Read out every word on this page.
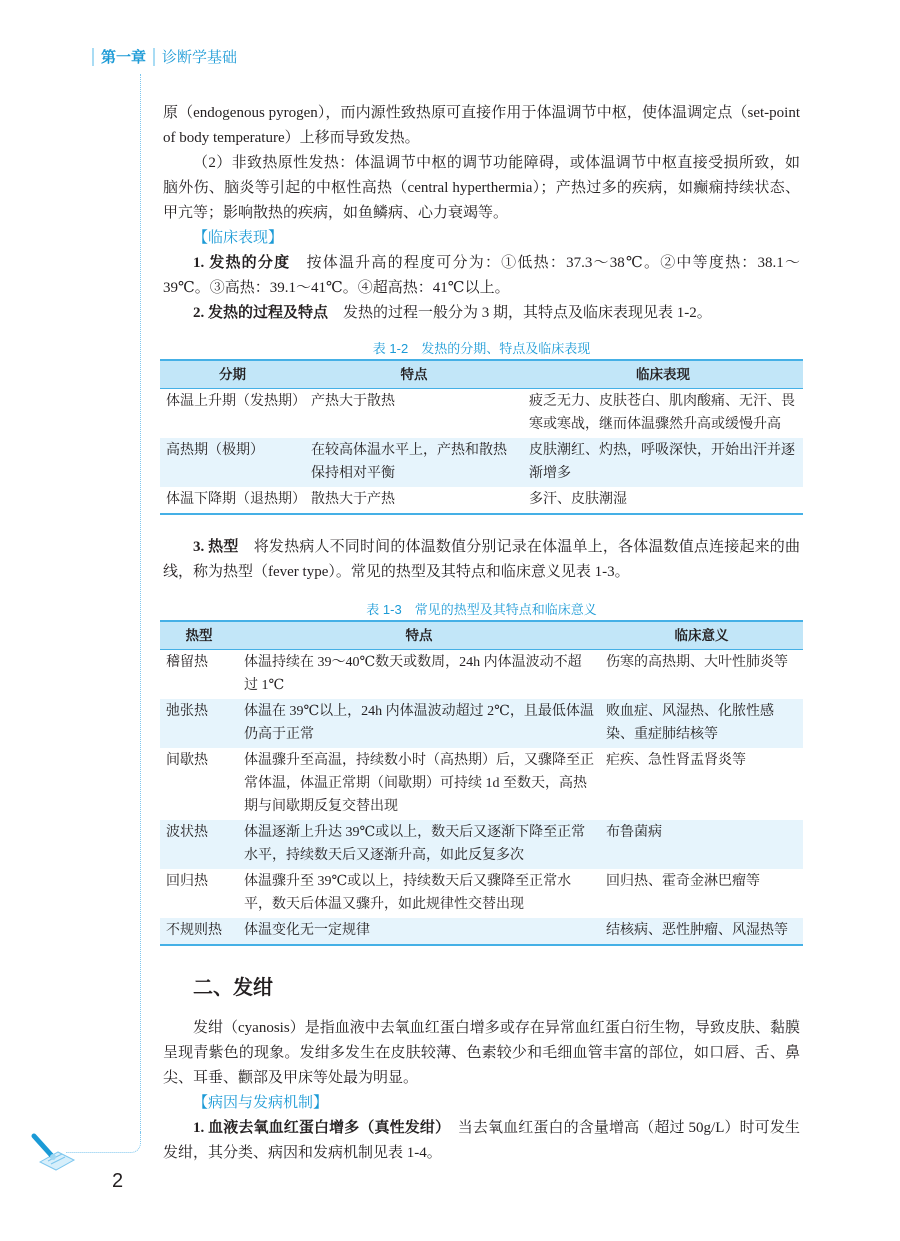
第一章 诊断学基础
2

原（endogenous pyrogen），而内源性致热原可直接作用于体温调节中枢，使体温调定点（set-point of body temperature）上移而导致发热。

（2）非致热原性发热：体温调节中枢的调节功能障碍，或体温调节中枢直接受损所致，如脑外伤、脑炎等引起的中枢性高热（central hyperthermia）；产热过多的疾病，如癫痫持续状态、甲亢等；影响散热的疾病，如鱼鳞病、心力衰竭等。

【临床表现】

1. 发热的分度　按体温升高的程度可分为：①低热：37.3～38℃。②中等度热：38.1～39℃。③高热：39.1～41℃。④超高热：41℃以上。

2. 发热的过程及特点　发热的过程一般分为 3 期，其特点及临床表现见表 1-2。

表 1-2　发热的分期、特点及临床表现

分期	特点	临床表现
体温上升期（发热期）	产热大于散热	疲乏无力、皮肤苍白、肌肉酸痛、无汗、畏寒或寒战，继而体温骤然升高或缓慢升高
高热期（极期）	在较高体温水平上，产热和散热保持相对平衡	皮肤潮红、灼热，呼吸深快，开始出汗并逐渐增多
体温下降期（退热期）	散热大于产热	多汗、皮肤潮湿

3. 热型　将发热病人不同时间的体温数值分别记录在体温单上，各体温数值点连接起来的曲线，称为热型（fever type）。常见的热型及其特点和临床意义见表 1-3。

表 1-3　常见的热型及其特点和临床意义

热型	特点	临床意义
稽留热	体温持续在 39～40℃数天或数周，24h 内体温波动不超过 1℃	伤寒的高热期、大叶性肺炎等
弛张热	体温在 39℃以上，24h 内体温波动超过 2℃，且最低体温仍高于正常	败血症、风湿热、化脓性感染、重症肺结核等
间歇热	体温骤升至高温，持续数小时（高热期）后，又骤降至正常体温，体温正常期（间歇期）可持续 1d 至数天，高热期与间歇期反复交替出现	疟疾、急性肾盂肾炎等
波状热	体温逐渐上升达 39℃或以上，数天后又逐渐下降至正常水平，持续数天后又逐渐升高，如此反复多次	布鲁菌病
回归热	体温骤升至 39℃或以上，持续数天后又骤降至正常水平，数天后体温又骤升，如此规律性交替出现	回归热、霍奇金淋巴瘤等
不规则热	体温变化无一定规律	结核病、恶性肿瘤、风湿热等
二、发绀

发绀（cyanosis）是指血液中去氧血红蛋白增多或存在异常血红蛋白衍生物，导致皮肤、黏膜呈现青紫色的现象。发绀多发生在皮肤较薄、色素较少和毛细血管丰富的部位，如口唇、舌、鼻尖、耳垂、颧部及甲床等处最为明显。

【病因与发病机制】

1. 血液去氧血红蛋白增多（真性发绀）　当去氧血红蛋白的含量增高（超过 50g/L）时可发生发绀，其分类、病因和发病机制见表 1-4。
